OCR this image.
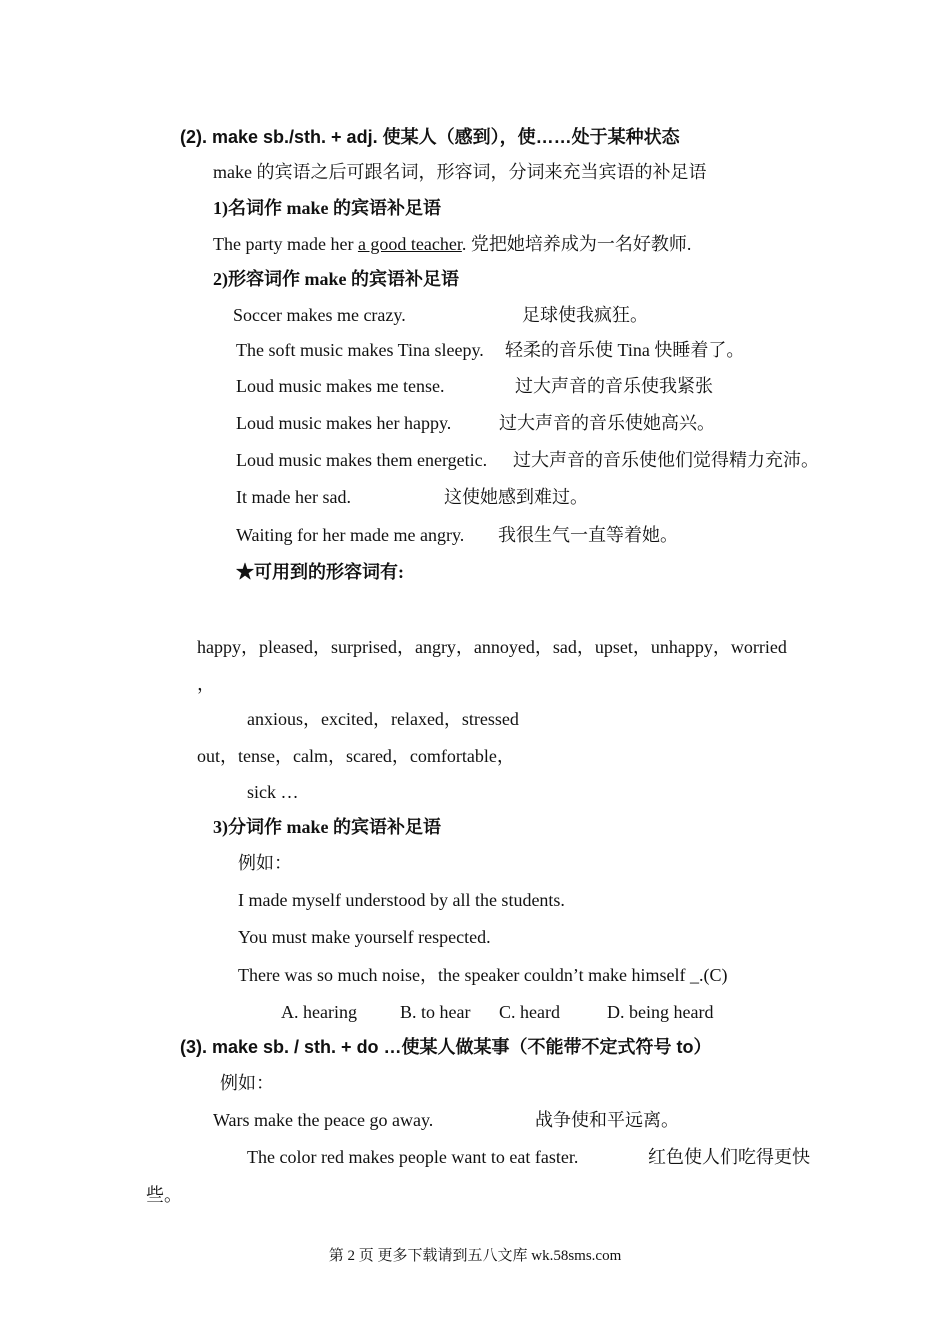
(2). make sb./sth. + adj. 使某人（感到），使……处于某种状态
make 的宾语之后可跟名词，形容词，分词来充当宾语的补足语
1)名词作 make 的宾语补足语
The party made her a good teacher. 党把她培养成为一名好教师.
2)形容词作 make 的宾语补足语
Soccer makes me crazy.	足球使我疯狂。
The soft music makes Tina sleepy. 轻柔的音乐使 Tina 快睡着了。
Loud music makes me tense.	过大声音的音乐使我紧张
Loud music makes her happy.	过大声音的音乐使她高兴。
Loud music makes them energetic. 过大声音的音乐使他们觉得精力充沛。
It made her sad.	这使她感到难过。
Waiting for her made me angry. 我很生气一直等着她。
★可用到的形容词有:
happy，pleased，surprised，angry，annoyed，sad，upset，unhappy，worried
，
anxious，excited，relaxed，stressed
out，tense，calm，scared，comfortable，
sick …
3)分词作 make 的宾语补足语
例如：
I made myself understood by all the students.
You must make yourself respected.
There was so much noise，the speaker couldn’t make himself _.(C)
A. hearing B. to hear C. heard	D. being heard
(3). make sb. / sth. + do …使某人做某事（不能带不定式符号 to）
例如：
Wars make the peace go away.	战争使和平远离。
The color red makes people want to eat faster.	红色使人们吃得更快
些。
第 2 页 更多下载请到五八文库 wk.58sms.com
